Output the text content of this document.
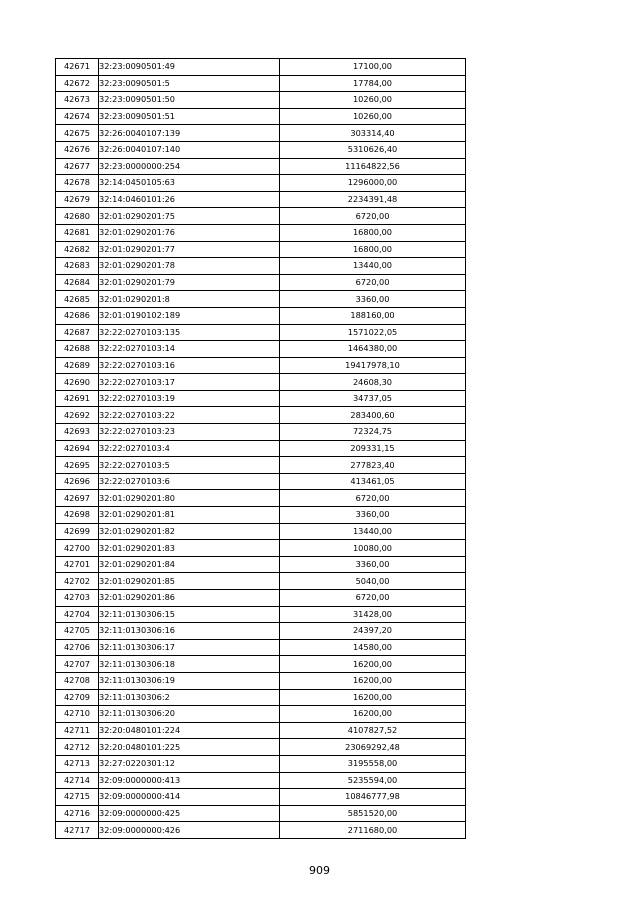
42671	32:23:0090501:49	17100,00
42672	32:23:0090501:5	17784,00
42673	32:23:0090501:50	10260,00
42674	32:23:0090501:51	10260,00
42675	32:26:0040107:139	303314,40
42676	32:26:0040107:140	5310626,40
42677	32:23:0000000:254	11164822,56
42678	32:14:0450105:63	1296000,00
42679	32:14:0460101:26	2234391,48
42680	32:01:0290201:75	6720,00
42681	32:01:0290201:76	16800,00
42682	32:01:0290201:77	16800,00
42683	32:01:0290201:78	13440,00
42684	32:01:0290201:79	6720,00
42685	32:01:0290201:8	3360,00
42686	32:01:0190102:189	188160,00
42687	32:22:0270103:135	1571022,05
42688	32:22:0270103:14	1464380,00
42689	32:22:0270103:16	19417978,10
42690	32:22:0270103:17	24608,30
42691	32:22:0270103:19	34737,05
42692	32:22:0270103:22	283400,60
42693	32:22:0270103:23	72324,75
42694	32:22:0270103:4	209331,15
42695	32:22:0270103:5	277823,40
42696	32:22:0270103:6	413461,05
42697	32:01:0290201:80	6720,00
42698	32:01:0290201:81	3360,00
42699	32:01:0290201:82	13440,00
42700	32:01:0290201:83	10080,00
42701	32:01:0290201:84	3360,00
42702	32:01:0290201:85	5040,00
42703	32:01:0290201:86	6720,00
42704	32:11:0130306:15	31428,00
42705	32:11:0130306:16	24397,20
42706	32:11:0130306:17	14580,00
42707	32:11:0130306:18	16200,00
42708	32:11:0130306:19	16200,00
42709	32:11:0130306:2	16200,00
42710	32:11:0130306:20	16200,00
42711	32:20:0480101:224	4107827,52
42712	32:20:0480101:225	23069292,48
42713	32:27:0220301:12	3195558,00
42714	32:09:0000000:413	5235594,00
42715	32:09:0000000:414	10846777,98
42716	32:09:0000000:425	5851520,00
42717	32:09:0000000:426	2711680,00
909
